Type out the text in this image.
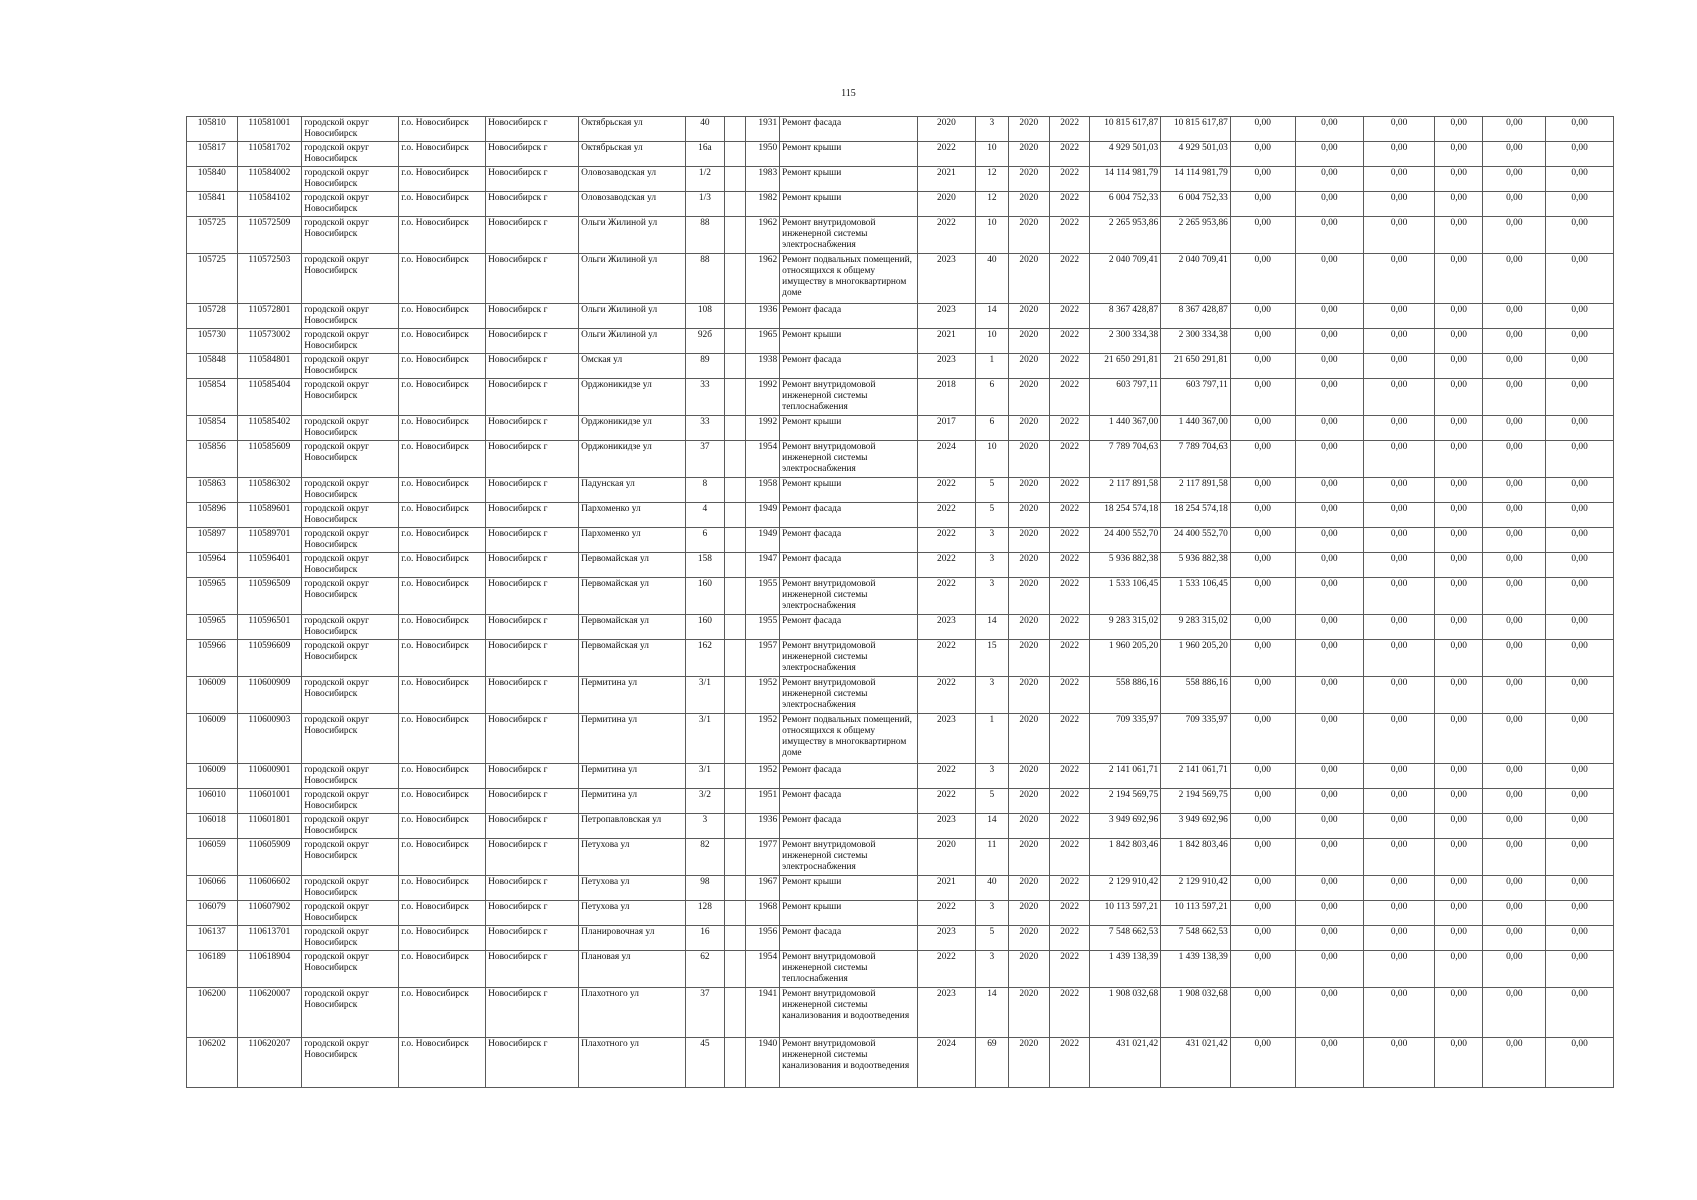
115
105810	110581001	городской округ Новосибирск	г.о. Новосибирск	Новосибирск г	Октябрьская ул	40		1931	Ремонт фасада	2020	3	2020	2022	10 815 617,87	10 815 617,87	0,00	0,00	0,00	0,00	0,00	0,00
105817	110581702	городской округ Новосибирск	г.о. Новосибирск	Новосибирск г	Октябрьская ул	16а		1950	Ремонт крыши	2022	10	2020	2022	4 929 501,03	4 929 501,03	0,00	0,00	0,00	0,00	0,00	0,00
105840	110584002	городской округ Новосибирск	г.о. Новосибирск	Новосибирск г	Оловозаводская ул	1/2		1983	Ремонт крыши	2021	12	2020	2022	14 114 981,79	14 114 981,79	0,00	0,00	0,00	0,00	0,00	0,00
105841	110584102	городской округ Новосибирск	г.о. Новосибирск	Новосибирск г	Оловозаводская ул	1/3		1982	Ремонт крыши	2020	12	2020	2022	6 004 752,33	6 004 752,33	0,00	0,00	0,00	0,00	0,00	0,00
105725	110572509	городской округ Новосибирск	г.о. Новосибирск	Новосибирск г	Ольги Жилиной ул	88		1962	Ремонт внутридомовой инженерной системы электроснабжения	2022	10	2020	2022	2 265 953,86	2 265 953,86	0,00	0,00	0,00	0,00	0,00	0,00
105725	110572503	городской округ Новосибирск	г.о. Новосибирск	Новосибирск г	Ольги Жилиной ул	88		1962	Ремонт подвальных помещений, относящихся к общему имуществу в многоквартирном доме	2023	40	2020	2022	2 040 709,41	2 040 709,41	0,00	0,00	0,00	0,00	0,00	0,00
105728	110572801	городской округ Новосибирск	г.о. Новосибирск	Новосибирск г	Ольги Жилиной ул	108		1936	Ремонт фасада	2023	14	2020	2022	8 367 428,87	8 367 428,87	0,00	0,00	0,00	0,00	0,00	0,00
105730	110573002	городской округ Новосибирск	г.о. Новосибирск	Новосибирск г	Ольги Жилиной ул	92б		1965	Ремонт крыши	2021	10	2020	2022	2 300 334,38	2 300 334,38	0,00	0,00	0,00	0,00	0,00	0,00
105848	110584801	городской округ Новосибирск	г.о. Новосибирск	Новосибирск г	Омская ул	89		1938	Ремонт фасада	2023	1	2020	2022	21 650 291,81	21 650 291,81	0,00	0,00	0,00	0,00	0,00	0,00
105854	110585404	городской округ Новосибирск	г.о. Новосибирск	Новосибирск г	Орджоникидзе ул	33		1992	Ремонт внутридомовой инженерной системы теплоснабжения	2018	6	2020	2022	603 797,11	603 797,11	0,00	0,00	0,00	0,00	0,00	0,00
105854	110585402	городской округ Новосибирск	г.о. Новосибирск	Новосибирск г	Орджоникидзе ул	33		1992	Ремонт крыши	2017	6	2020	2022	1 440 367,00	1 440 367,00	0,00	0,00	0,00	0,00	0,00	0,00
105856	110585609	городской округ Новосибирск	г.о. Новосибирск	Новосибирск г	Орджоникидзе ул	37		1954	Ремонт внутридомовой инженерной системы электроснабжения	2024	10	2020	2022	7 789 704,63	7 789 704,63	0,00	0,00	0,00	0,00	0,00	0,00
105863	110586302	городской округ Новосибирск	г.о. Новосибирск	Новосибирск г	Падунская ул	8		1958	Ремонт крыши	2022	5	2020	2022	2 117 891,58	2 117 891,58	0,00	0,00	0,00	0,00	0,00	0,00
105896	110589601	городской округ Новосибирск	г.о. Новосибирск	Новосибирск г	Пархоменко ул	4		1949	Ремонт фасада	2022	5	2020	2022	18 254 574,18	18 254 574,18	0,00	0,00	0,00	0,00	0,00	0,00
105897	110589701	городской округ Новосибирск	г.о. Новосибирск	Новосибирск г	Пархоменко ул	6		1949	Ремонт фасада	2022	3	2020	2022	24 400 552,70	24 400 552,70	0,00	0,00	0,00	0,00	0,00	0,00
105964	110596401	городской округ Новосибирск	г.о. Новосибирск	Новосибирск г	Первомайская ул	158		1947	Ремонт фасада	2022	3	2020	2022	5 936 882,38	5 936 882,38	0,00	0,00	0,00	0,00	0,00	0,00
105965	110596509	городской округ Новосибирск	г.о. Новосибирск	Новосибирск г	Первомайская ул	160		1955	Ремонт внутридомовой инженерной системы электроснабжения	2022	3	2020	2022	1 533 106,45	1 533 106,45	0,00	0,00	0,00	0,00	0,00	0,00
105965	110596501	городской округ Новосибирск	г.о. Новосибирск	Новосибирск г	Первомайская ул	160		1955	Ремонт фасада	2023	14	2020	2022	9 283 315,02	9 283 315,02	0,00	0,00	0,00	0,00	0,00	0,00
105966	110596609	городской округ Новосибирск	г.о. Новосибирск	Новосибирск г	Первомайская ул	162		1957	Ремонт внутридомовой инженерной системы электроснабжения	2022	15	2020	2022	1 960 205,20	1 960 205,20	0,00	0,00	0,00	0,00	0,00	0,00
106009	110600909	городской округ Новосибирск	г.о. Новосибирск	Новосибирск г	Пермитина ул	3/1		1952	Ремонт внутридомовой инженерной системы электроснабжения	2022	3	2020	2022	558 886,16	558 886,16	0,00	0,00	0,00	0,00	0,00	0,00
106009	110600903	городской округ Новосибирск	г.о. Новосибирск	Новосибирск г	Пермитина ул	3/1		1952	Ремонт подвальных помещений, относящихся к общему имуществу в многоквартирном доме	2023	1	2020	2022	709 335,97	709 335,97	0,00	0,00	0,00	0,00	0,00	0,00
106009	110600901	городской округ Новосибирск	г.о. Новосибирск	Новосибирск г	Пермитина ул	3/1		1952	Ремонт фасада	2022	3	2020	2022	2 141 061,71	2 141 061,71	0,00	0,00	0,00	0,00	0,00	0,00
106010	110601001	городской округ Новосибирск	г.о. Новосибирск	Новосибирск г	Пермитина ул	3/2		1951	Ремонт фасада	2022	5	2020	2022	2 194 569,75	2 194 569,75	0,00	0,00	0,00	0,00	0,00	0,00
106018	110601801	городской округ Новосибирск	г.о. Новосибирск	Новосибирск г	Петропавловская ул	3		1936	Ремонт фасада	2023	14	2020	2022	3 949 692,96	3 949 692,96	0,00	0,00	0,00	0,00	0,00	0,00
106059	110605909	городской округ Новосибирск	г.о. Новосибирск	Новосибирск г	Петухова ул	82		1977	Ремонт внутридомовой инженерной системы электроснабжения	2020	11	2020	2022	1 842 803,46	1 842 803,46	0,00	0,00	0,00	0,00	0,00	0,00
106066	110606602	городской округ Новосибирск	г.о. Новосибирск	Новосибирск г	Петухова ул	98		1967	Ремонт крыши	2021	40	2020	2022	2 129 910,42	2 129 910,42	0,00	0,00	0,00	0,00	0,00	0,00
106079	110607902	городской округ Новосибирск	г.о. Новосибирск	Новосибирск г	Петухова ул	128		1968	Ремонт крыши	2022	3	2020	2022	10 113 597,21	10 113 597,21	0,00	0,00	0,00	0,00	0,00	0,00
106137	110613701	городской округ Новосибирск	г.о. Новосибирск	Новосибирск г	Планировочная ул	16		1956	Ремонт фасада	2023	5	2020	2022	7 548 662,53	7 548 662,53	0,00	0,00	0,00	0,00	0,00	0,00
106189	110618904	городской округ Новосибирск	г.о. Новосибирск	Новосибирск г	Плановая ул	62		1954	Ремонт внутридомовой инженерной системы теплоснабжения	2022	3	2020	2022	1 439 138,39	1 439 138,39	0,00	0,00	0,00	0,00	0,00	0,00
106200	110620007	городской округ Новосибирск	г.о. Новосибирск	Новосибирск г	Плахотного ул	37		1941	Ремонт внутридомовой инженерной системы канализования и водоотведения	2023	14	2020	2022	1 908 032,68	1 908 032,68	0,00	0,00	0,00	0,00	0,00	0,00
106202	110620207	городской округ Новосибирск	г.о. Новосибирск	Новосибирск г	Плахотного ул	45		1940	Ремонт внутридомовой инженерной системы канализования и водоотведения	2024	69	2020	2022	431 021,42	431 021,42	0,00	0,00	0,00	0,00	0,00	0,00
